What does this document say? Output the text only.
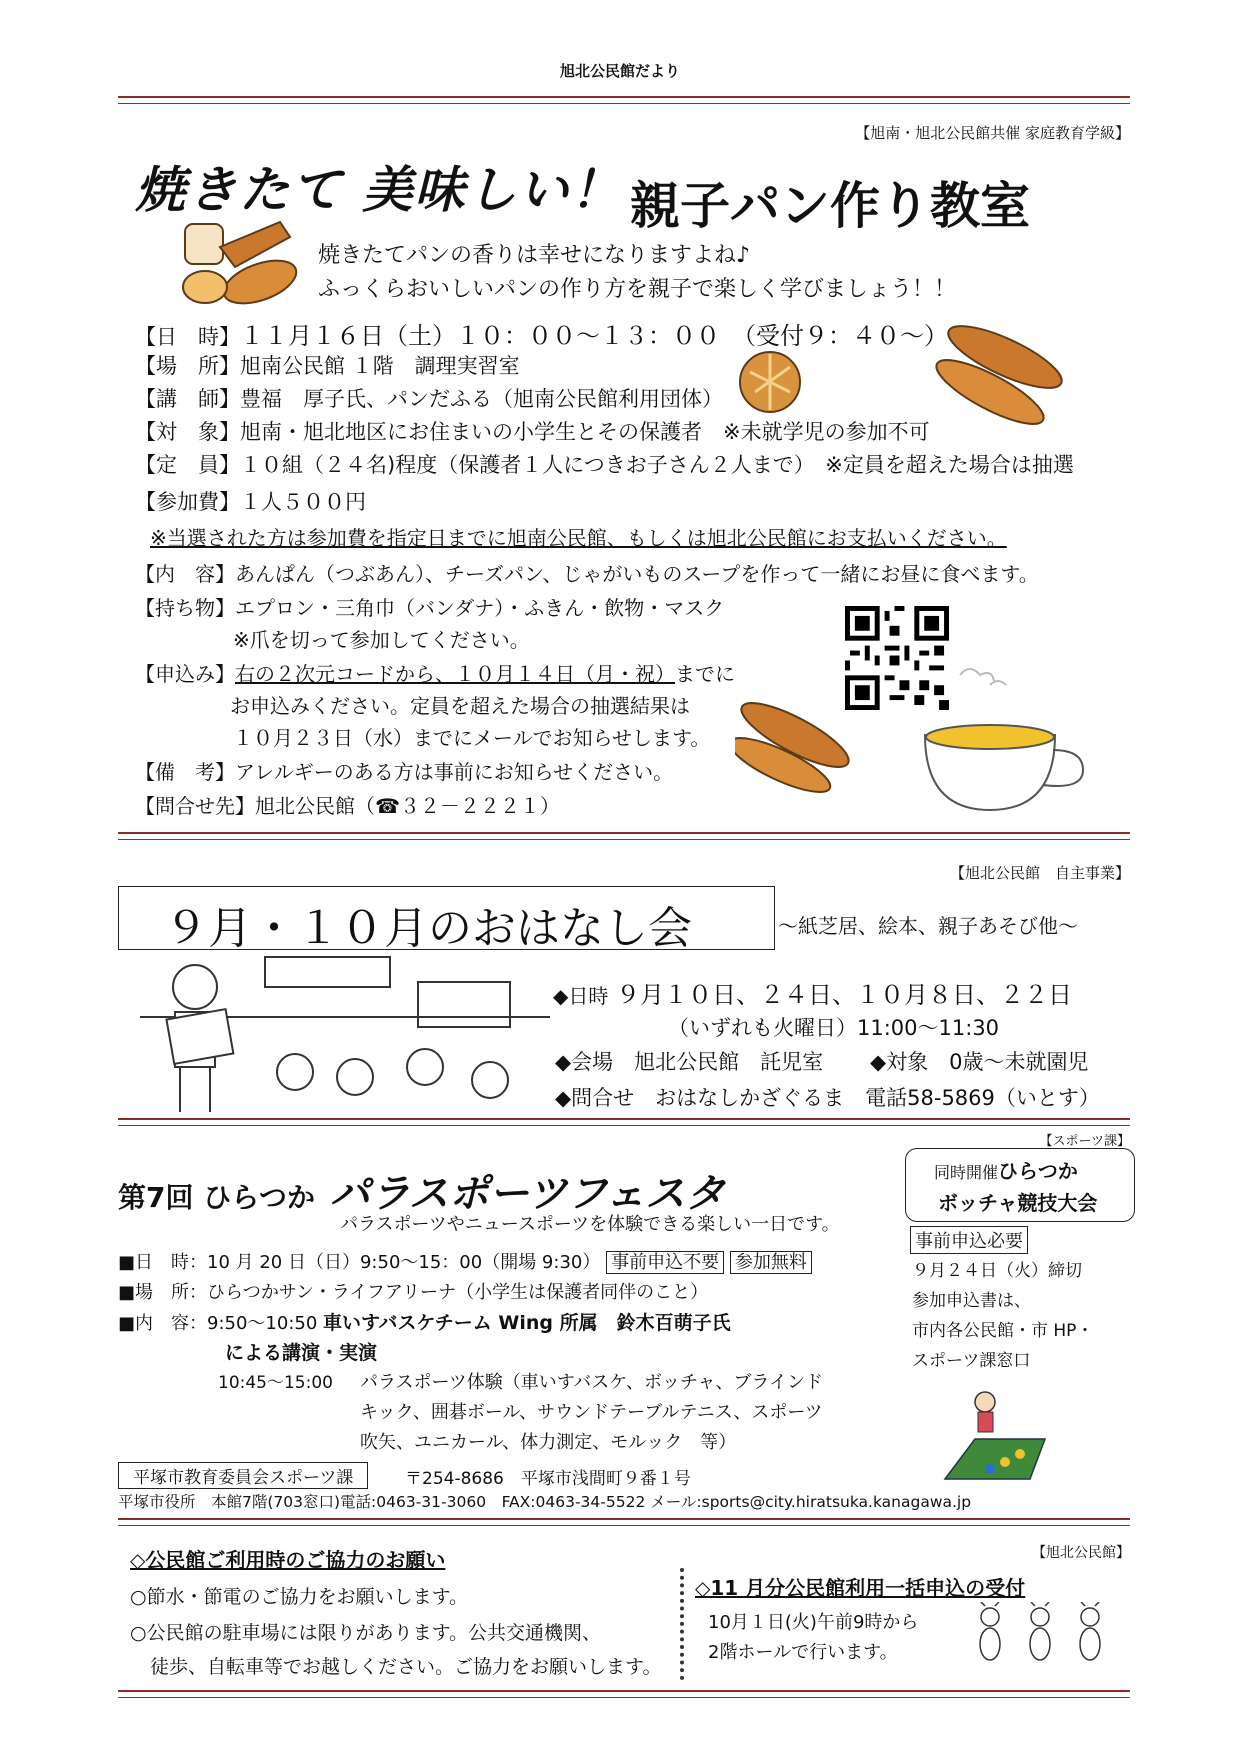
旭北公民館だより
【旭南・旭北公民館共催 家庭教育学級】
焼きたて 美味しい！ 親子パン作り教室
焼きたてパンの香りは幸せになりますよね♪
ふっくらおいしいパンの作り方を親子で楽しく学びましょう！！
【日　時】１１月１６日（土）１０：００～１３：００　（受付９：４０～）
【場　所】旭南公民館 １階　調理実習室
【講　師】豊福　厚子氏、パンだふる（旭南公民館利用団体）
【対　象】旭南・旭北地区にお住まいの小学生とその保護者　※未就学児の参加不可
【定　員】１０組（２４名)程度（保護者１人につきお子さん２人まで）　※定員を超えた場合は抽選
【参加費】１人５００円
※当選された方は参加費を指定日までに旭南公民館、もしくは旭北公民館にお支払いください。
【内　容】あんぱん（つぶあん）、チーズパン、じゃがいものスープを作って一緒にお昼に食べます。
【持ち物】エプロン・三角巾（バンダナ）・ふきん・飲物・マスク
※爪を切って参加してください。
【申込み】右の２次元コードから、１０月１４日（月・祝）までに
お申込みください。定員を超えた場合の抽選結果は
１０月２３日（水）までにメールでお知らせします。
【備　考】アレルギーのある方は事前にお知らせください。
【問合せ先】旭北公民館（☎３２－２２２１）
【旭北公民館　自主事業】
９月・１０月のおはなし会	～紙芝居、絵本、親子あそび他～
◆日時 ９月１０日、２４日、１０月８日、２２日
（いずれも火曜日）11:00～11:30
◆会場　旭北公民館　託児室 ◆対象　0歳～未就園児
◆問合せ　おはなしかざぐるま　電話58-5869（いとす）
【スポーツ課】
第7回 ひらつか パラスポーツフェスタ
パラスポーツやニュースポーツを体験できる楽しい一日です。
■日　時：10 月 20 日（日）9:50～15：00（開場 9:30） 事前申込不要 参加無料
■場　所：ひらつかサン・ライフアリーナ（小学生は保護者同伴のこと）
■内　容：9:50～10:50 車いすバスケチーム Wing 所属　鈴木百萌子氏
による講演・実演
10:45～15:00 パラスポーツ体験（車いすバスケ、ボッチャ、ブラインド
キック、囲碁ボール、サウンドテーブルテニス、スポーツ
吹矢、ユニカール、体力測定、モルック　等）
同時開催ひらつか
ボッチャ競技大会
事前申込必要
９月２４日（火）締切
参加申込書は、
市内各公民館・市 HP・
スポーツ課窓口
平塚市教育委員会スポーツ課	〒254-8686　平塚市浅間町９番１号
平塚市役所　本館7階(703窓口)電話:0463-31-3060　FAX:0463-34-5522 メール:sports@city.hiratsuka.kanagawa.jp
【旭北公民館】
◇公民館ご利用時のご協力のお願い
○節水・節電のご協力をお願いします。
○公民館の駐車場には限りがあります。公共交通機関、
徒歩、自転車等でお越しください。ご協力をお願いします。
◇11 月分公民館利用一括申込の受付
10月１日(火)午前9時から
2階ホールで行います。
